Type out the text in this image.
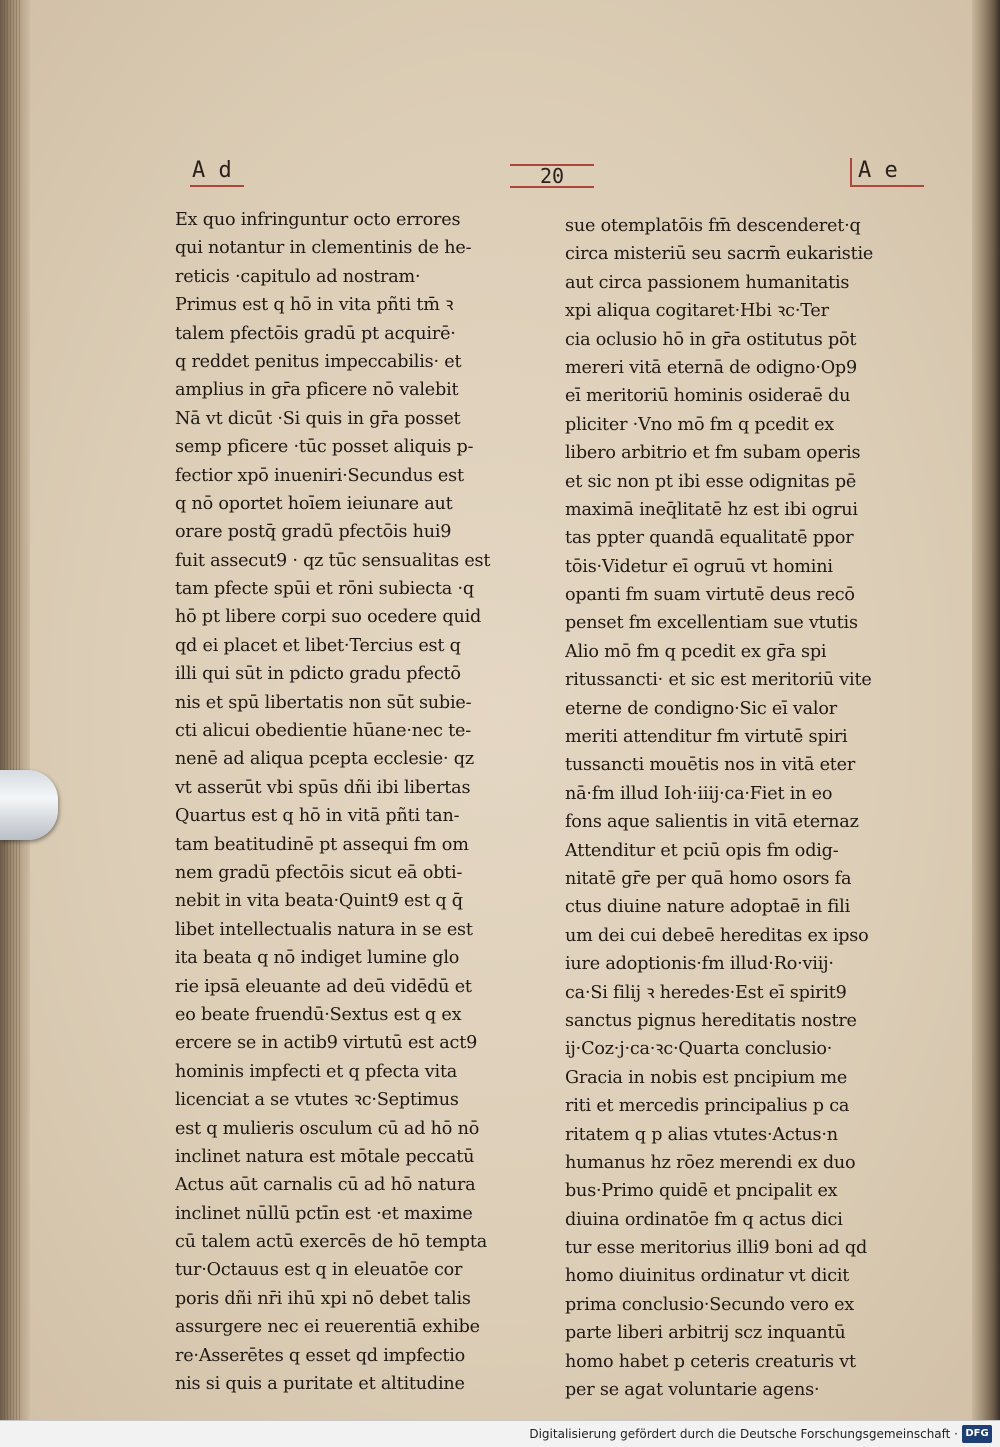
A d	20	A e
Ex quo infringuntur octo errores
qui notantur in clementinis de he-
reticis ·capitulo ad nostram·
Primus est q hō in vita pñti tm̄ ꝛ
talem pfectōis gradū pt acquirē·
q reddet penitus impeccabilis· et
amplius in gr̄a pficere nō valebit
Nā vt dicūt ·Si quis in gr̄a posset
semp pficere ·tūc posset aliquis p-
fectior xpō inueniri·Secundus est
q nō oportet hoīem ieiunare aut
orare postq̄ gradū pfectōis hui9
fuit assecut9 · qz tūc sensualitas est
tam pfecte spūi et rōni subiecta ·q
hō pt libere corpi suo ocedere quid
qd ei placet et libet·Tercius est q
illi qui sūt in pdicto gradu pfectō
nis et spū libertatis non sūt subie-
cti alicui obedientie hūane·nec te-
nenē ad aliqua pcepta ecclesie· qz
vt asserūt vbi spūs dñi ibi libertas
Quartus est q hō in vitā pñti tan-
tam beatitudinē pt assequi fm om
nem gradū pfectōis sicut eā obti-
nebit in vita beata·Quint9 est q q̄
libet intellectualis natura in se est
ita beata q nō indiget lumine glo
rie ipsā eleuante ad deū vidēdū et
eo beate fruendū·Sextus est q ex
ercere se in actib9 virtutū est act9
hominis impfecti et q pfecta vita
licenciat a se vtutes ꝛc·Septimus
est q mulieris osculum cū ad hō nō
inclinet natura est mōtale peccatū
Actus aūt carnalis cū ad hō natura
inclinet nūllū pctīn est ·et maxime
cū talem actū exercēs de hō tempta
tur·Octauus est q in eleuatōe cor
poris dñi nr̄i ihū xpi nō debet talis
assurgere nec ei reuerentiā exhibe
re·Asserētes q esset qd impfectio
nis si quis a puritate et altitudine
sue otemplatōis fm̄ descenderet·q
circa misteriū seu sacrm̄ eukaristie
aut circa passionem humanitatis
xpi aliqua cogitaret·Hbi ꝛc·Ter
cia oclusio hō in gr̄a ostitutus pōt
mereri vitā eternā de odigno·Op9
eī meritoriū hominis osideraē du
pliciter ·Vno mō fm q pcedit ex
libero arbitrio et fm subam operis
et sic non pt ibi esse odignitas pē
maximā ineq̄litatē hz est ibi ogrui
tas ppter quandā equalitatē ppor
tōis·Videtur eī ogruū vt homini
opanti fm suam virtutē deus recō
penset fm excellentiam sue vtutis
Alio mō fm q pcedit ex gr̄a spi
ritussancti· et sic est meritoriū vite
eterne de condigno·Sic eī valor
meriti attenditur fm virtutē spiri
tussancti mouētis nos in vitā eter
nā·fm illud Ioh·iiij·ca·Fiet in eo
fons aque salientis in vitā eternaz
Attenditur et pciū opis fm odig-
nitatē gr̄e per quā homo osors fa
ctus diuine nature adoptaē in fili
um dei cui debeē hereditas ex ipso
iure adoptionis·fm illud·Ro·viij·
ca·Si filij ꝛ heredes·Est eī spirit9
sanctus pignus hereditatis nostre
ij·Coz·j·ca·ꝛc·Quarta conclusio·
Gracia in nobis est pncipium me
riti et mercedis principalius p ca
ritatem q p alias vtutes·Actus·n
humanus hz rōez merendi ex duo
bus·Primo quidē et pncipalit ex
diuina ordinatōe fm q actus dici
tur esse meritorius illi9 boni ad qd
homo diuinitus ordinatur vt dicit
prima conclusio·Secundo vero ex
parte liberi arbitrij scz inquantū
homo habet p ceteris creaturis vt
per se agat voluntarie agens·
Digitalisierung gefördert durch die Deutsche Forschungsgemeinschaft · DFG
